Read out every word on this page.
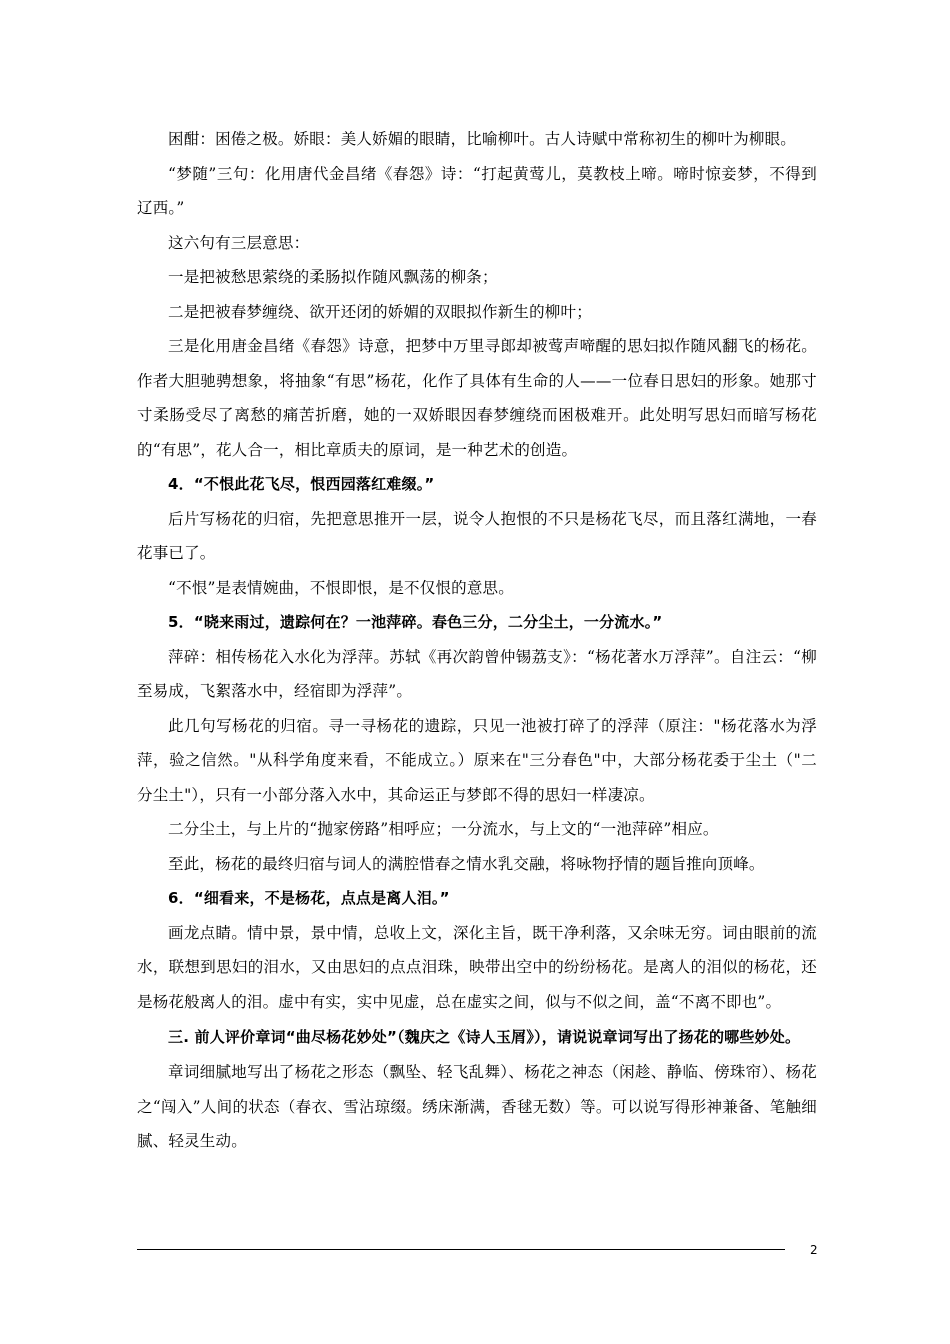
困酣：困倦之极。娇眼：美人娇媚的眼睛，比喻柳叶。古人诗赋中常称初生的柳叶为柳眼。

“梦随”三句：化用唐代金昌绪《春怨》诗：“打起黄莺儿，莫教枝上啼。啼时惊妾梦，不得到辽西。”

这六句有三层意思：

一是把被愁思萦绕的柔肠拟作随风飘荡的柳条；

二是把被春梦缠绕、欲开还闭的娇媚的双眼拟作新生的柳叶；

三是化用唐金昌绪《春怨》诗意，把梦中万里寻郎却被莺声啼醒的思妇拟作随风翻飞的杨花。作者大胆驰骋想象，将抽象“有思”杨花，化作了具体有生命的人——一位春日思妇的形象。她那寸寸柔肠受尽了离愁的痛苦折磨，她的一双娇眼因春梦缠绕而困极难开。此处明写思妇而暗写杨花的“有思”，花人合一，相比章质夫的原词，是一种艺术的创造。

4．“不恨此花飞尽，恨西园落红难缀。”

后片写杨花的归宿，先把意思推开一层，说令人抱恨的不只是杨花飞尽，而且落红满地，一春花事已了。

“不恨”是表情婉曲，不恨即恨，是不仅恨的意思。

5．“晓来雨过，遗踪何在？一池萍碎。春色三分，二分尘土，一分流水。”

萍碎：相传杨花入水化为浮萍。苏轼《再次韵曾仲锡荔支》：“杨花著水万浮萍”。自注云：“柳至易成，飞絮落水中，经宿即为浮萍”。

此几句写杨花的归宿。寻一寻杨花的遗踪，只见一池被打碎了的浮萍（原注："杨花落水为浮萍，验之信然。"从科学角度来看，不能成立。）原来在"三分春色"中，大部分杨花委于尘土（"二分尘土"），只有一小部分落入水中，其命运正与梦郎不得的思妇一样凄凉。

二分尘土，与上片的“抛家傍路”相呼应；一分流水，与上文的“一池萍碎”相应。

至此，杨花的最终归宿与词人的满腔惜春之情水乳交融，将咏物抒情的题旨推向顶峰。

6．“细看来，不是杨花，点点是离人泪。”

画龙点睛。情中景，景中情，总收上文，深化主旨，既干净利落，又余味无穷。词由眼前的流水，联想到思妇的泪水，又由思妇的点点泪珠，映带出空中的纷纷杨花。是离人的泪似的杨花，还是杨花般离人的泪。虚中有实，实中见虚，总在虚实之间，似与不似之间，盖“不离不即也”。

三. 前人评价章词“曲尽杨花妙处”（魏庆之《诗人玉屑》），请说说章词写出了扬花的哪些妙处。

章词细腻地写出了杨花之形态（飘坠、轻飞乱舞）、杨花之神态（闲趁、静临、傍珠帘）、杨花之“闯入”人间的状态（春衣、雪沾琼缀。绣床渐满，香毬无数）等。可以说写得形神兼备、笔触细腻、轻灵生动。

2
